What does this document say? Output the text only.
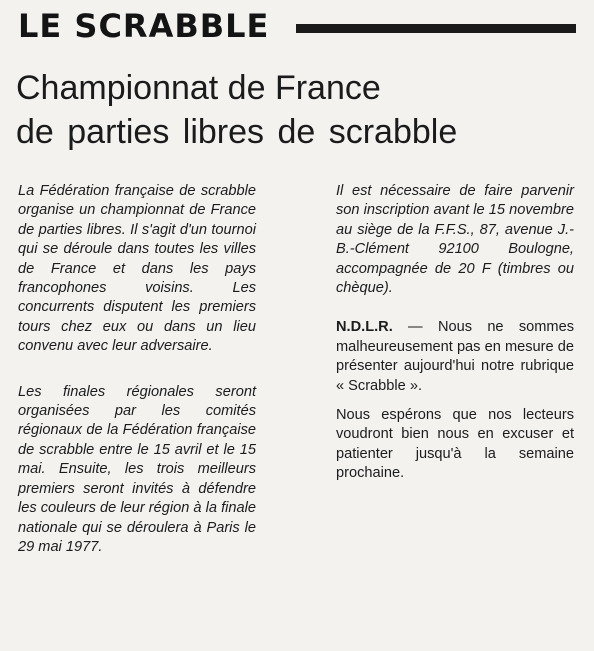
LE SCRABBLE
Championnat de France
de parties libres de scrabble

La Fédération française de scrabble organise un championnat de France de parties libres. Il s'agit d'un tournoi qui se déroule dans toutes les villes de France et dans les pays francophones voisins. Les concurrents disputent les premiers tours chez eux ou dans un lieu convenu avec leur adversaire.

Les finales régionales seront organisées par les comités régionaux de la Fédération française de scrabble entre le 15 avril et le 15 mai. Ensuite, les trois meilleurs premiers seront invités à défendre les couleurs de leur région à la finale nationale qui se déroulera à Paris le 29 mai 1977.

Il est nécessaire de faire parvenir son inscription avant le 15 novembre au siège de la F.F.S., 87, avenue J.-B.-Clément 92100 Boulogne, accompagnée de 20 F (timbres ou chèque).

N.D.L.R. — Nous ne sommes malheureusement pas en mesure de présenter aujourd'hui notre rubrique « Scrabble ».

Nous espérons que nos lecteurs voudront bien nous en excuser et patienter jusqu'à la semaine prochaine.
